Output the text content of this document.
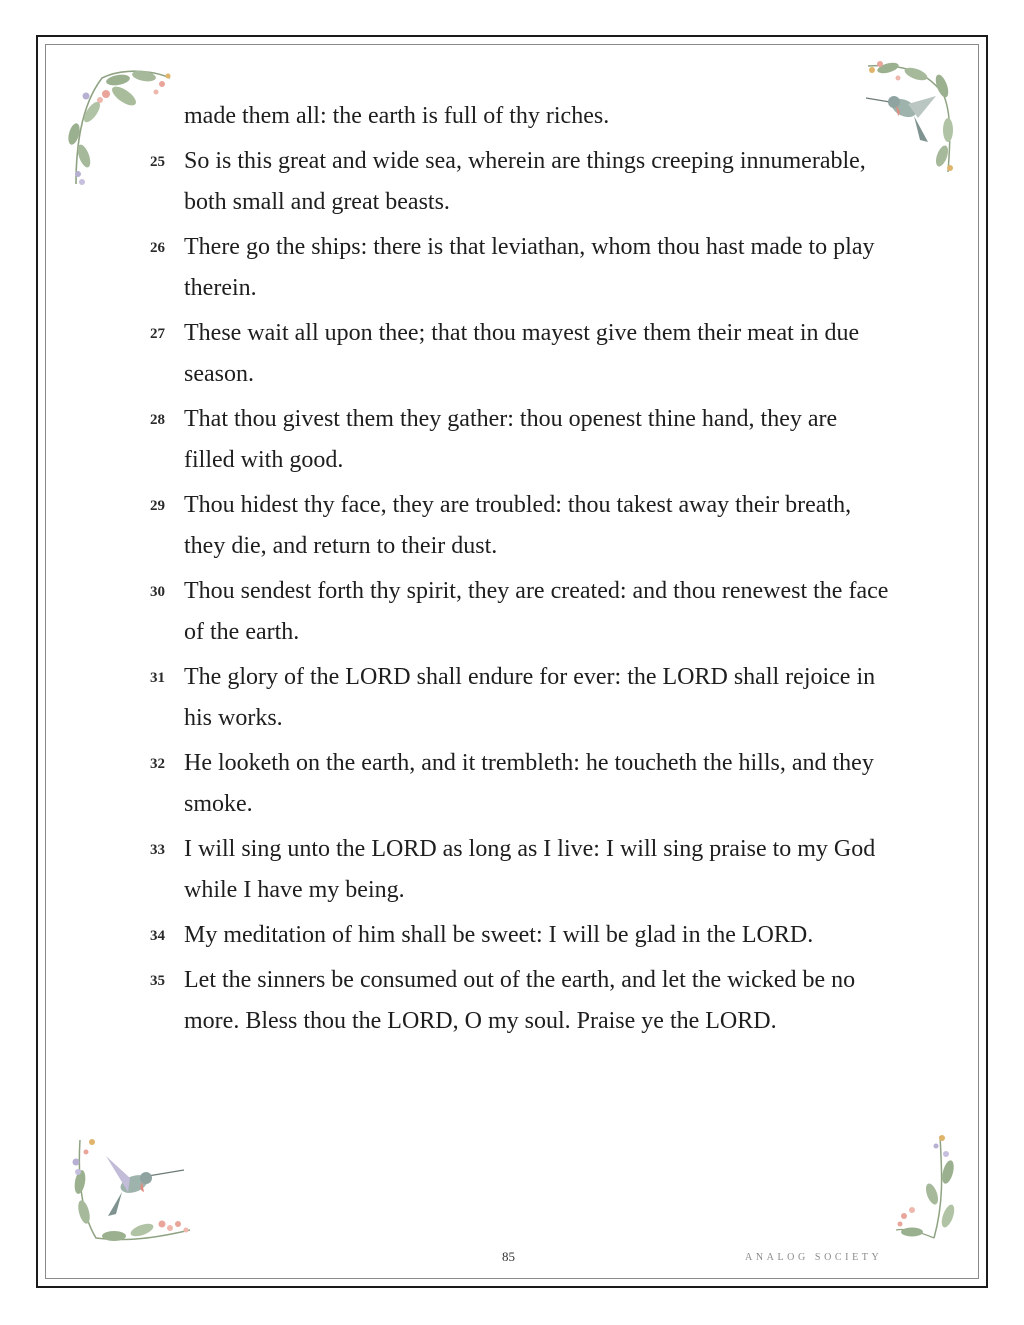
made them all: the earth is full of thy riches.
25 So is this great and wide sea, wherein are things creeping innumerable, both small and great beasts.
26 There go the ships: there is that leviathan, whom thou hast made to play therein.
27 These wait all upon thee; that thou mayest give them their meat in due season.
28 That thou givest them they gather: thou openest thine hand, they are filled with good.
29 Thou hidest thy face, they are troubled: thou takest away their breath, they die, and return to their dust.
30 Thou sendest forth thy spirit, they are created: and thou renewest the face of the earth.
31 The glory of the LORD shall endure for ever: the LORD shall rejoice in his works.
32 He looketh on the earth, and it trembleth: he toucheth the hills, and they smoke.
33 I will sing unto the LORD as long as I live: I will sing praise to my God while I have my being.
34 My meditation of him shall be sweet: I will be glad in the LORD.
35 Let the sinners be consumed out of the earth, and let the wicked be no more. Bless thou the LORD, O my soul. Praise ye the LORD.
85	ANALOG SOCIETY
